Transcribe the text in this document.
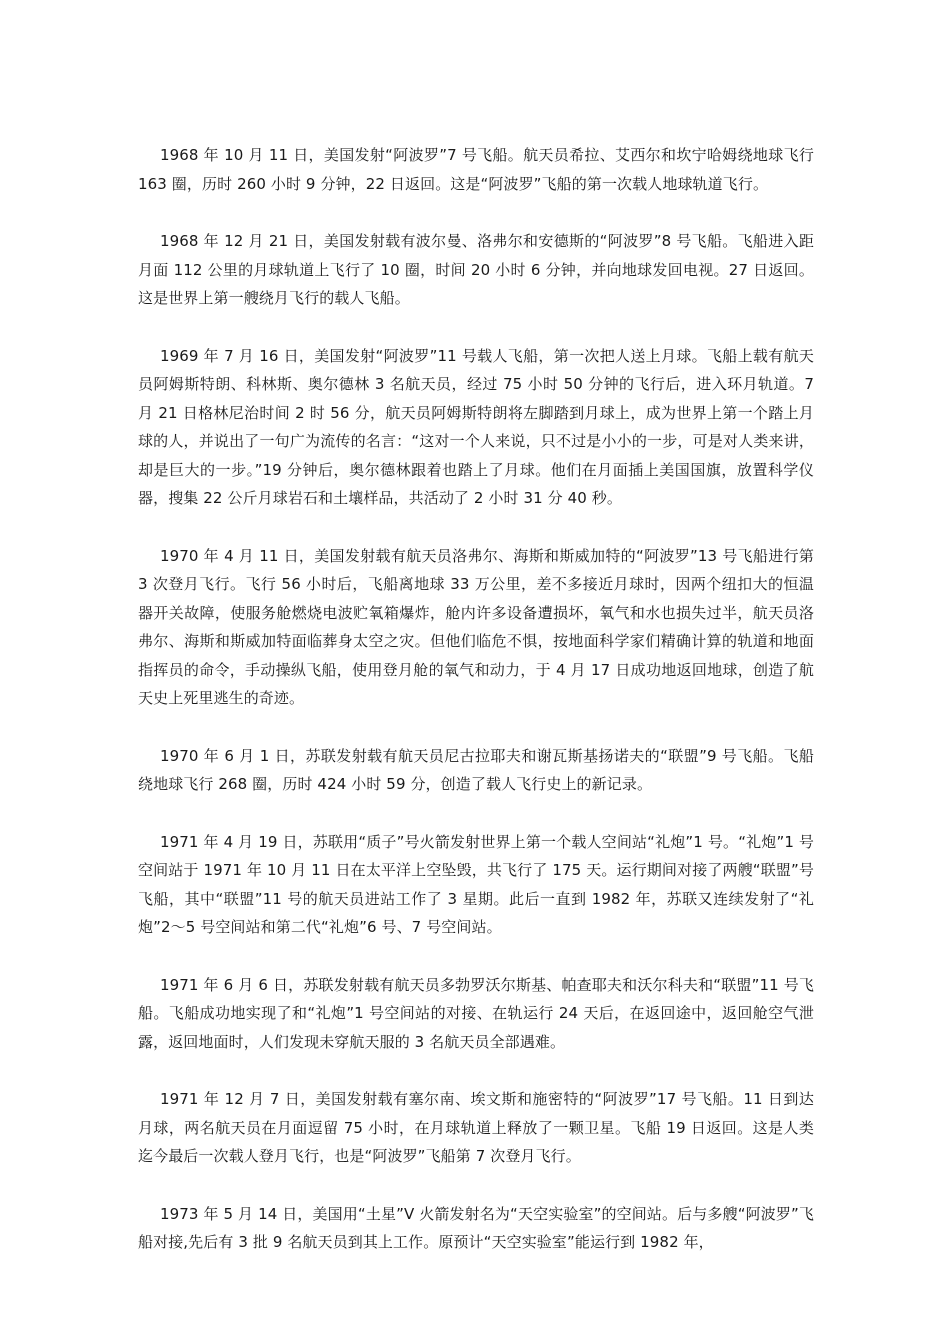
1968 年 10 月 11 日，美国发射“阿波罗”7 号飞船。航天员希拉、艾西尔和坎宁哈姆绕地球飞行 163 圈，历时 260 小时 9 分钟，22 日返回。这是“阿波罗”飞船的第一次载人地球轨道飞行。

1968 年 12 月 21 日，美国发射载有波尔曼、洛弗尔和安德斯的“阿波罗”8 号飞船。飞船进入距月面 112 公里的月球轨道上飞行了 10 圈，时间 20 小时 6 分钟，并向地球发回电视。27 日返回。这是世界上第一艘绕月飞行的载人飞船。

1969 年 7 月 16 日，美国发射“阿波罗”11 号载人飞船，第一次把人送上月球。飞船上载有航天员阿姆斯特朗、科林斯、奥尔德林 3 名航天员，经过 75 小时 50 分钟的飞行后，进入环月轨道。7 月 21 日格林尼治时间 2 时 56 分，航天员阿姆斯特朗将左脚踏到月球上，成为世界上第一个踏上月球的人，并说出了一句广为流传的名言：“这对一个人来说，只不过是小小的一步，可是对人类来讲，却是巨大的一步。”19 分钟后，奥尔德林跟着也踏上了月球。他们在月面插上美国国旗，放置科学仪器，搜集 22 公斤月球岩石和土壤样品，共活动了 2 小时 31 分 40 秒。

1970 年 4 月 11 日，美国发射载有航天员洛弗尔、海斯和斯威加特的“阿波罗”13 号飞船进行第 3 次登月飞行。飞行 56 小时后，飞船离地球 33 万公里，差不多接近月球时，因两个纽扣大的恒温器开关故障，使服务舱燃烧电波贮氧箱爆炸，舱内许多设备遭损坏，氧气和水也损失过半，航天员洛弗尔、海斯和斯威加特面临葬身太空之灾。但他们临危不惧，按地面科学家们精确计算的轨道和地面指挥员的命令，手动操纵飞船，使用登月舱的氧气和动力，于 4 月 17 日成功地返回地球，创造了航天史上死里逃生的奇迹。

1970 年 6 月 1 日，苏联发射载有航天员尼古拉耶夫和谢瓦斯基扬诺夫的“联盟”9 号飞船。飞船绕地球飞行 268 圈，历时 424 小时 59 分，创造了载人飞行史上的新记录。

1971 年 4 月 19 日，苏联用“质子”号火箭发射世界上第一个载人空间站“礼炮”1 号。“礼炮”1 号空间站于 1971 年 10 月 11 日在太平洋上空坠毁，共飞行了 175 天。运行期间对接了两艘“联盟”号飞船，其中“联盟”11 号的航天员进站工作了 3 星期。此后一直到 1982 年，苏联又连续发射了“礼炮”2～5 号空间站和第二代“礼炮”6 号、7 号空间站。

1971 年 6 月 6 日，苏联发射载有航天员多勃罗沃尔斯基、帕查耶夫和沃尔科夫和“联盟”11 号飞船。飞船成功地实现了和“礼炮”1 号空间站的对接、在轨运行 24 天后，在返回途中，返回舱空气泄露，返回地面时，人们发现未穿航天服的 3 名航天员全部遇难。

1971 年 12 月 7 日，美国发射载有塞尔南、埃文斯和施密特的“阿波罗”17 号飞船。11 日到达月球，两名航天员在月面逗留 75 小时，在月球轨道上释放了一颗卫星。飞船 19 日返回。这是人类迄今最后一次载人登月飞行，也是“阿波罗”飞船第 7 次登月飞行。

1973 年 5 月 14 日，美国用“土星”V 火箭发射名为“天空实验室”的空间站。后与多艘“阿波罗”飞船对接,先后有 3 批 9 名航天员到其上工作。原预计“天空实验室”能运行到 1982 年，
